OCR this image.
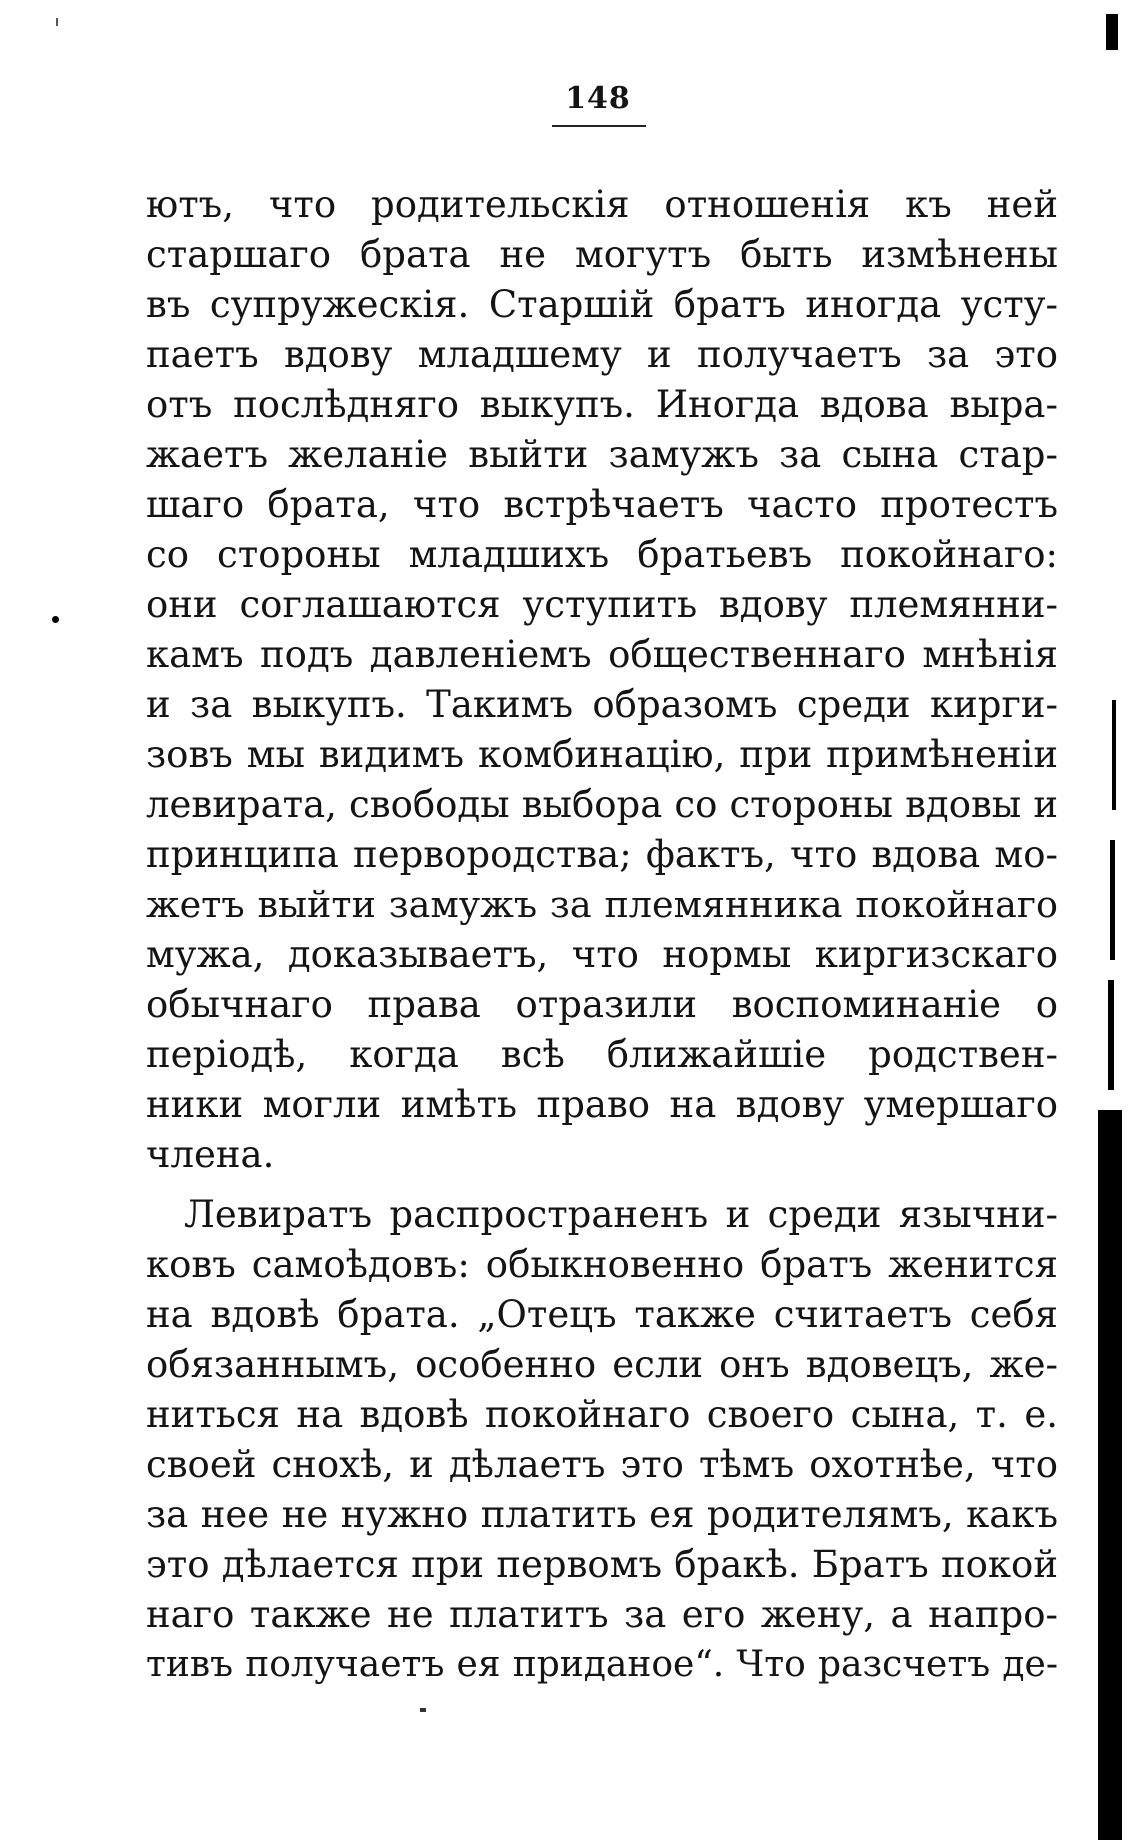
148
ютъ, что родительскія отношенія къ ней
старшаго брата не могутъ быть измѣнены
въ супружескія. Старшій братъ иногда усту-
паетъ вдову младшему и получаетъ за это
отъ послѣдняго выкупъ. Иногда вдова выра-
жаетъ желаніе выйти замужъ за сына стар-
шаго брата, что встрѣчаетъ часто протестъ
со стороны младшихъ братьевъ покойнаго:
они соглашаются уступить вдову племянни-
камъ подъ давленіемъ общественнаго мнѣнія
и за выкупъ. Такимъ образомъ среди кирги-
зовъ мы видимъ комбинацію, при примѣненіи
левирата, свободы выбора со стороны вдовы и
принципа первородства; фактъ, что вдова мо-
жетъ выйти замужъ за племянника покойнаго
мужа, доказываетъ, что нормы киргизскаго
обычнаго права отразили воспоминаніе о
періодѣ, когда всѣ ближайшіе родствен-
ники могли имѣть право на вдову умершаго
члена.
Левиратъ распространенъ и среди язычни-
ковъ самоѣдовъ: обыкновенно братъ женится
на вдовѣ брата. „Отецъ также считаетъ себя
обязаннымъ, особенно если онъ вдовецъ, же-
ниться на вдовѣ покойнаго своего сына, т. е.
своей снохѣ, и дѣлаетъ это тѣмъ охотнѣе, что
за нее не нужно платить ея родителямъ, какъ
это дѣлается при первомъ бракѣ. Братъ покой
наго также не платитъ за его жену, а напро-
тивъ получаетъ ея приданое“. Что разсчетъ де-
